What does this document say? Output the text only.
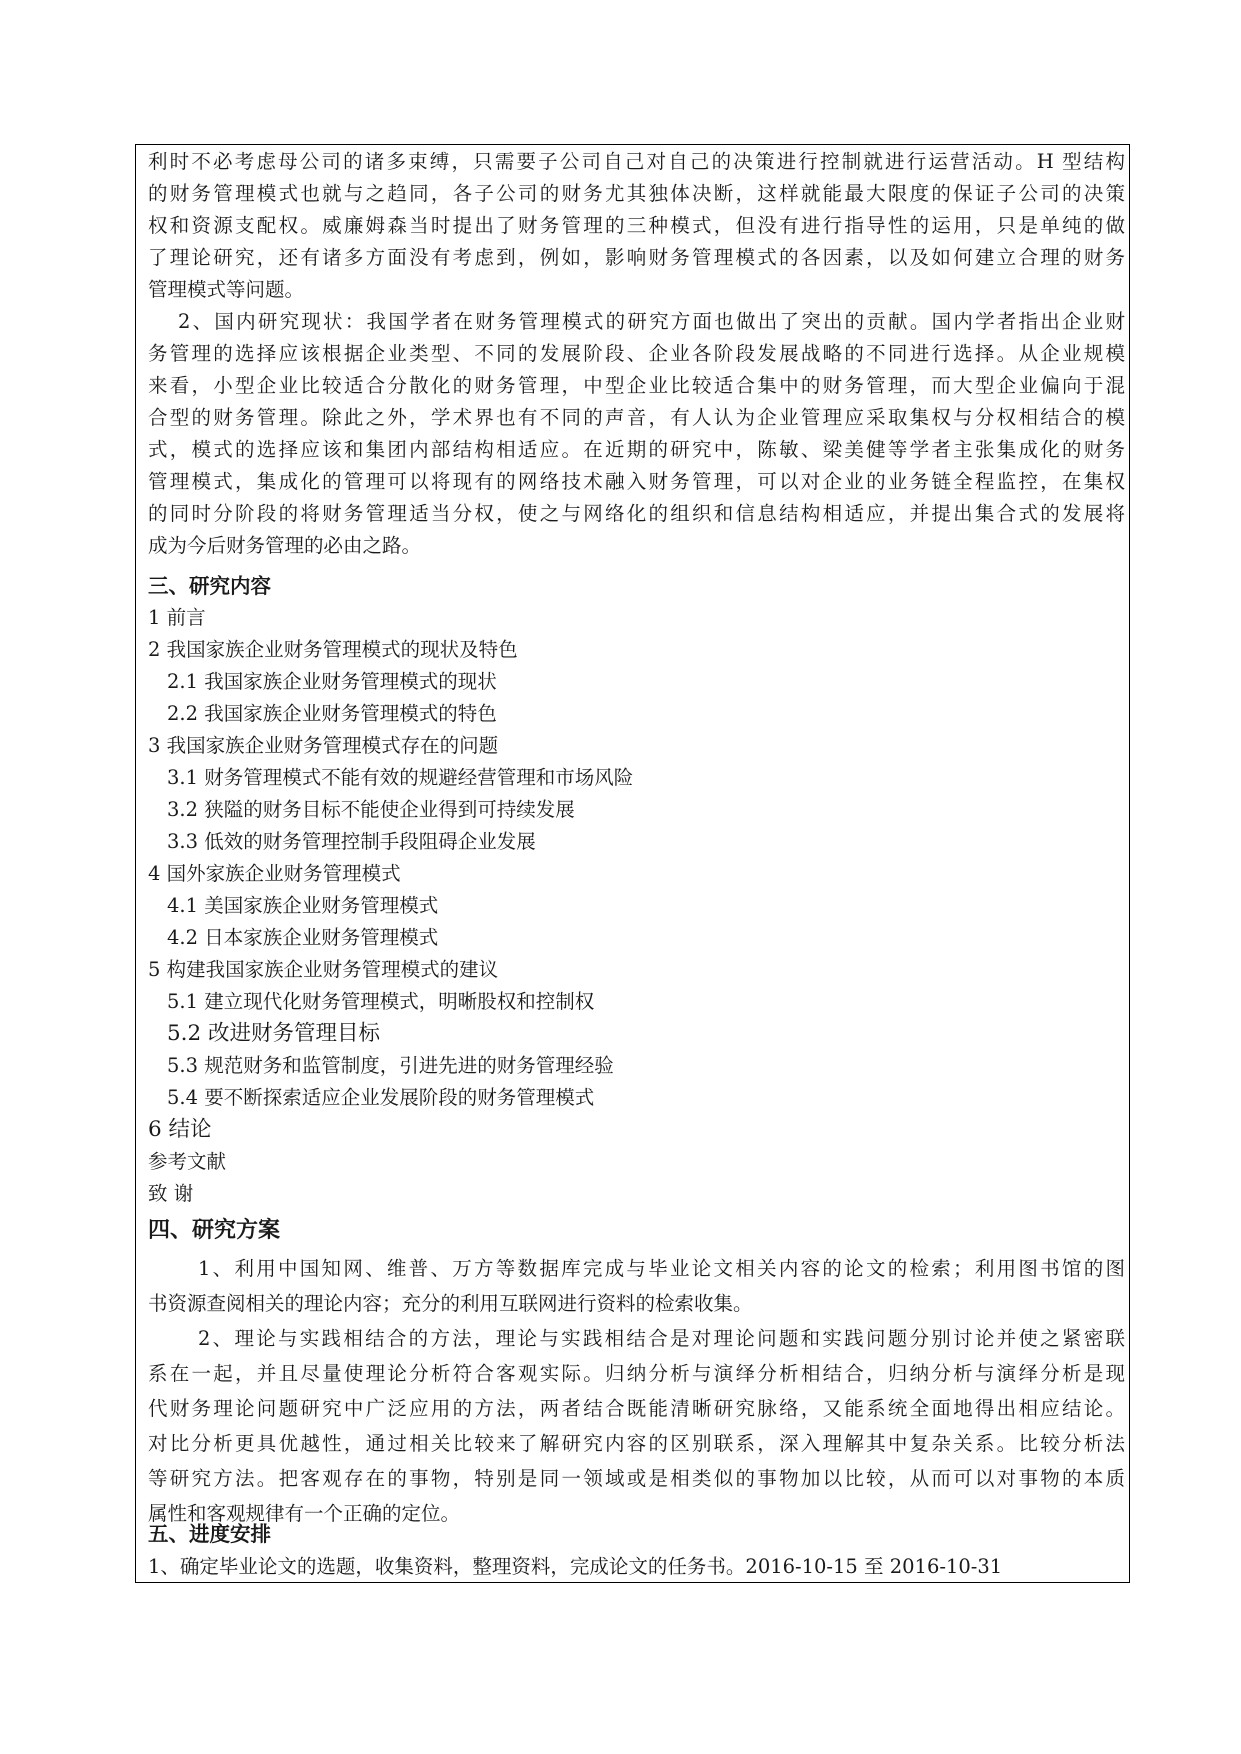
利时不必考虑母公司的诸多束缚，只需要子公司自己对自己的决策进行控制就进行运营活动。H 型结构
的财务管理模式也就与之趋同，各子公司的财务尤其独体决断，这样就能最大限度的保证子公司的决策
权和资源支配权。威廉姆森当时提出了财务管理的三种模式，但没有进行指导性的运用，只是单纯的做
了理论研究，还有诸多方面没有考虑到，例如，影响财务管理模式的各因素，以及如何建立合理的财务
管理模式等问题。
2、国内研究现状：我国学者在财务管理模式的研究方面也做出了突出的贡献。国内学者指出企业财
务管理的选择应该根据企业类型、不同的发展阶段、企业各阶段发展战略的不同进行选择。从企业规模
来看，小型企业比较适合分散化的财务管理，中型企业比较适合集中的财务管理，而大型企业偏向于混
合型的财务管理。除此之外，学术界也有不同的声音，有人认为企业管理应采取集权与分权相结合的模
式，模式的选择应该和集团内部结构相适应。在近期的研究中，陈敏、梁美健等学者主张集成化的财务
管理模式，集成化的管理可以将现有的网络技术融入财务管理，可以对企业的业务链全程监控，在集权
的同时分阶段的将财务管理适当分权，使之与网络化的组织和信息结构相适应，并提出集合式的发展将
成为今后财务管理的必由之路。
三、研究内容
1 前言
2 我国家族企业财务管理模式的现状及特色
2.1 我国家族企业财务管理模式的现状
2.2 我国家族企业财务管理模式的特色
3 我国家族企业财务管理模式存在的问题
3.1 财务管理模式不能有效的规避经营管理和市场风险
3.2 狭隘的财务目标不能使企业得到可持续发展
3.3 低效的财务管理控制手段阻碍企业发展
4 国外家族企业财务管理模式
4.1 美国家族企业财务管理模式
4.2 日本家族企业财务管理模式
5 构建我国家族企业财务管理模式的建议
5.1 建立现代化财务管理模式，明晰股权和控制权
5.2 改进财务管理目标
5.3 规范财务和监管制度，引进先进的财务管理经验
5.4 要不断探索适应企业发展阶段的财务管理模式
6 结论
参考文献
致 谢
四、研究方案
1、利用中国知网、维普、万方等数据库完成与毕业论文相关内容的论文的检索；利用图书馆的图
书资源查阅相关的理论内容；充分的利用互联网进行资料的检索收集。
2、理论与实践相结合的方法，理论与实践相结合是对理论问题和实践问题分别讨论并使之紧密联
系在一起，并且尽量使理论分析符合客观实际。归纳分析与演绎分析相结合，归纳分析与演绎分析是现
代财务理论问题研究中广泛应用的方法，两者结合既能清晰研究脉络，又能系统全面地得出相应结论。
对比分析更具优越性，通过相关比较来了解研究内容的区别联系，深入理解其中复杂关系。比较分析法
等研究方法。把客观存在的事物，特别是同一领域或是相类似的事物加以比较，从而可以对事物的本质
属性和客观规律有一个正确的定位。
五、进度安排
1、确定毕业论文的选题，收集资料，整理资料，完成论文的任务书。2016-10-15 至 2016-10-31
